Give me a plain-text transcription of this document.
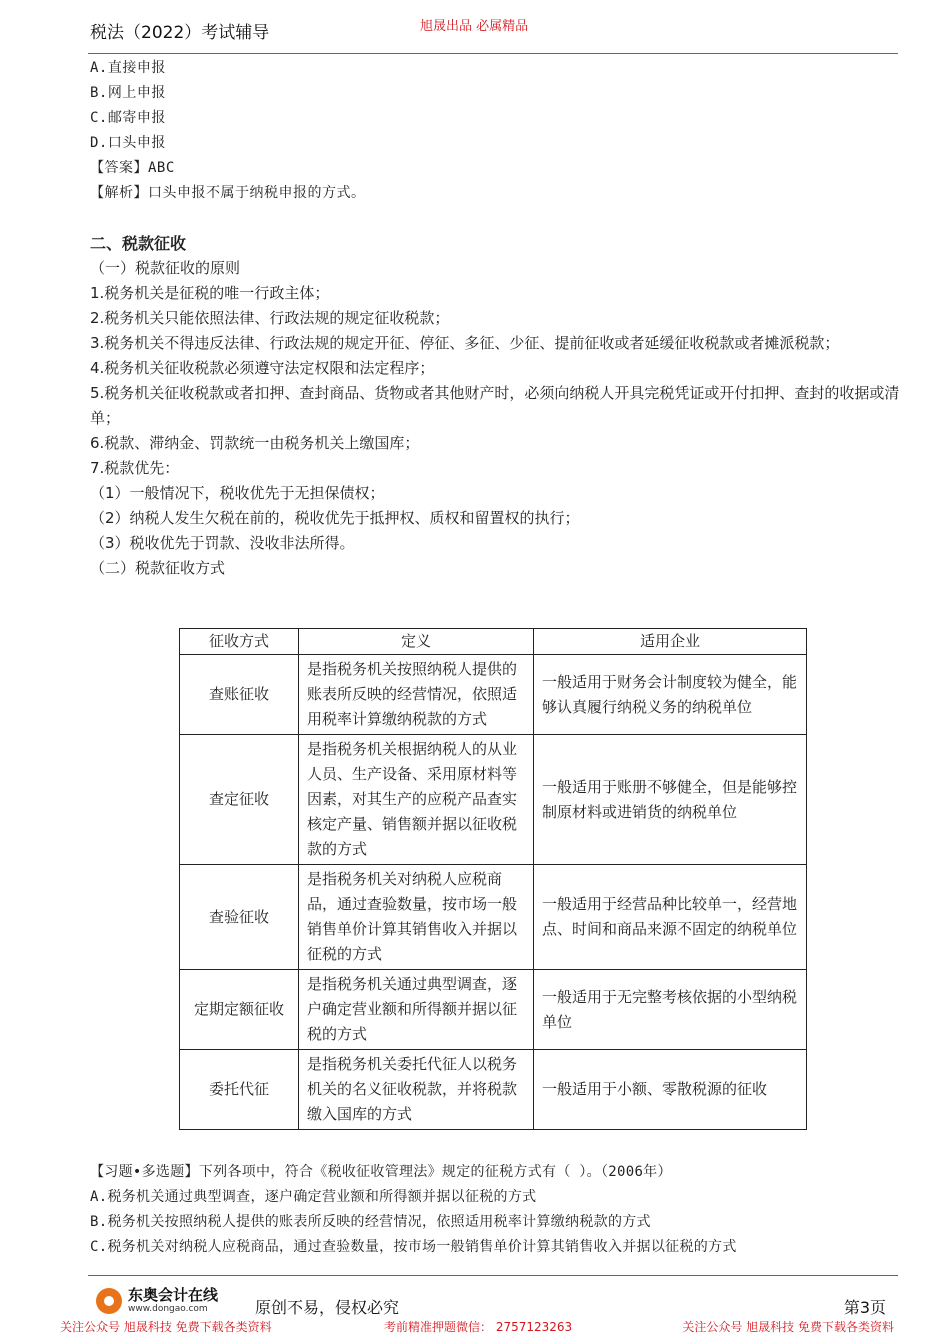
税法（2022）考试辅导	旭晟出品 必属精品
A.直接申报
B.网上申报
C.邮寄申报
D.口头申报
【答案】ABC
【解析】口头申报不属于纳税申报的方式。
二、税款征收
（一）税款征收的原则
1.税务机关是征税的唯一行政主体；
2.税务机关只能依照法律、行政法规的规定征收税款；
3.税务机关不得违反法律、行政法规的规定开征、停征、多征、少征、提前征收或者延缓征收税款或者摊派税款；
4.税务机关征收税款必须遵守法定权限和法定程序；
5.税务机关征收税款或者扣押、查封商品、货物或者其他财产时，必须向纳税人开具完税凭证或开付扣押、查封的收据或清单；
6.税款、滞纳金、罚款统一由税务机关上缴国库；
7.税款优先：
（1）一般情况下，税收优先于无担保债权；
（2）纳税人发生欠税在前的，税收优先于抵押权、质权和留置权的执行；
（3）税收优先于罚款、没收非法所得。
（二）税款征收方式
征收方式	定义	适用企业
查账征收	是指税务机关按照纳税人提供的账表所反映的经营情况，依照适用税率计算缴纳税款的方式	一般适用于财务会计制度较为健全，能够认真履行纳税义务的纳税单位
查定征收	是指税务机关根据纳税人的从业人员、生产设备、采用原材料等因素，对其生产的应税产品查实核定产量、销售额并据以征收税款的方式	一般适用于账册不够健全，但是能够控制原材料或进销货的纳税单位
查验征收	是指税务机关对纳税人应税商品，通过查验数量，按市场一般销售单价计算其销售收入并据以征税的方式	一般适用于经营品种比较单一，经营地点、时间和商品来源不固定的纳税单位
定期定额征收	是指税务机关通过典型调查，逐户确定营业额和所得额并据以征税的方式	一般适用于无完整考核依据的小型纳税单位
委托代征	是指税务机关委托代征人以税务机关的名义征收税款，并将税款缴入国库的方式	一般适用于小额、零散税源的征收
【习题•多选题】下列各项中，符合《税收征收管理法》规定的征税方式有（ ）。（2006年）
A.税务机关通过典型调查，逐户确定营业额和所得额并据以征税的方式
B.税务机关按照纳税人提供的账表所反映的经营情况，依照适用税率计算缴纳税款的方式
C.税务机关对纳税人应税商品，通过查验数量，按市场一般销售单价计算其销售收入并据以征税的方式
东奥会计在线
www.dongao.com	原创不易，侵权必究	第3页
关注公众号 旭晟科技 免费下载各类资料	考前精准押题微信： 2757123263	关注公众号 旭晟科技 免费下载各类资料
